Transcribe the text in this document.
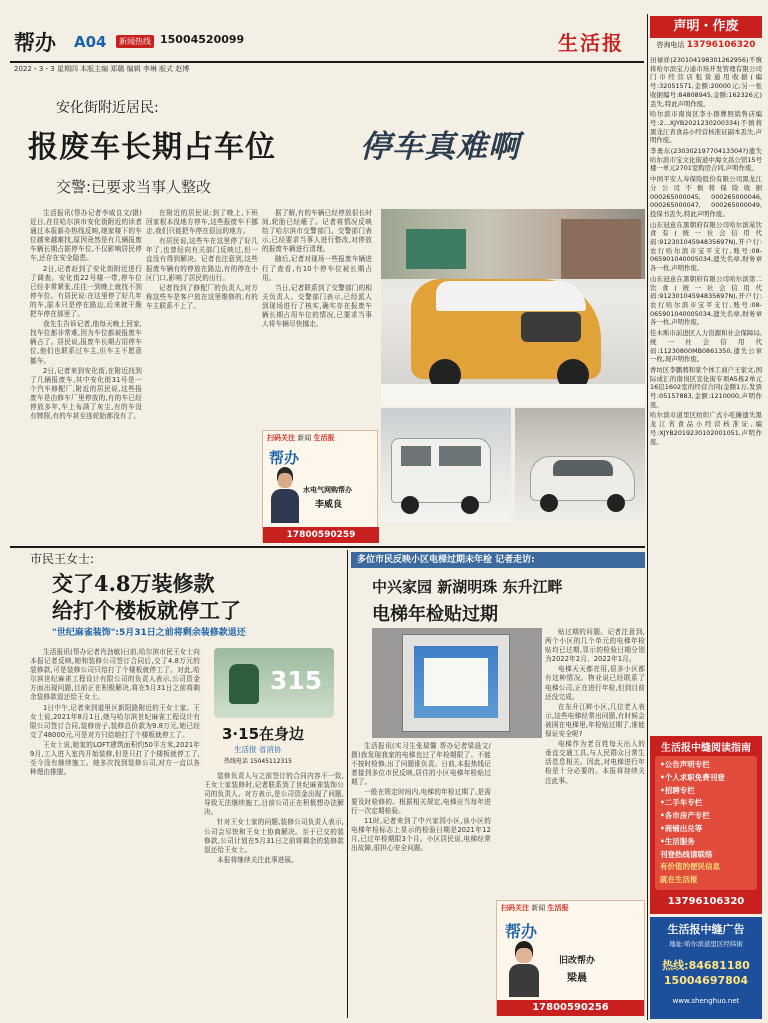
帮办 A04	新闻热线 15004520099	生活报
2022・3・3 星期四 本版主编 郑璐 编辑 李琳 版式 赵博
声明・作废
咨询电话 13796106320
田禄祥(230104198301262956)不慎将哈尔滨宝力通市场开发管理有限公司门市经营店租赁通用收据(编号:32051571,金额:20000元;另一张收据编号:84808945,金额:162326元)丢失,特此声明作废。
哈尔滨市南岗区李小群牌照销售店编号:2...XJYB2021230200334)不慎将黑龙江省食品小经营核准证副本丢失,声明作废。
李勇东(23030219770413304?)遗失哈尔滨市宝文化街道中海文昌公馆15号楼一单元2701室购房合同,声明作废。
中国平安人寿保险股份有限公司黑龙江分公司不慎将保险收据000265000045, 000265000046, 000265000047, 000265000049, 投保书丢失,特此声明作废。
山东冠意在黑朝府有限公司哈尔滨某饮食有(统一社会信用代码:91230104594835697N),开户行:农行哈尔滨市宝平支行,账号:08-065901040005034,遗失名章,财务章各一枚,声明作废。
山东冠意在黑朝府有限公司哈尔滨第二饮食(统一社会信用代码:91230104594835697N),开户行:农行哈尔滨市宝平支行,账号:08-065901040005034,遗失名章,财务章各一枚,声明作废。
佳木斯市前进区人力资源和社会保障局,统一社会信用代码:11230800MB0861350,遗失公章一枚,现声明作废。
香坊区李鹏骋和家个体工商户王家文,国际成汇的南岗区宣化街专项A5栋2单元16层1602室的经营合同(金额1万,发票号:05157883,金额:1210000,声明作废。
哈尔滨市道里区纺织广式小吃摊遗失黑龙江省食品小经营核准证,编号:XJYB2019230102001051,声明作废。
生活报中缝阅读指南
•公告声明专栏
•个人求职免费刊登
•招聘专栏
•二手车专栏
•各市房产专栏
•商铺出兑等
•生活服务
刊登热线请联络
有价值的便民信息
就在生活报
13796106320
生活报中缝广告
地址:哈尔滨道里区经纬街
热线:84681180
15004697804
www.shenghuo.net
安化街附近居民:
报废车长期占车位	停车真难啊
交警:已要求当事人整改

生活报讯(帮办记者李威良文/摄)近日,在住哈尔滨市安化街附近的读者通过本报新办热线反映,她家楼下的车位越来越难找,原因竟然是有几辆报废车辆长期占据停车位,不仅影响居民停车,还存在安全隐患。

2日,记者赶到了安化街附近进行了调查。安化街22号楼一带,停车位已经非常紧张,往往一到晚上就找不到停车位。有居民说:在这里停了好几年的车,原本只是停在路边,后来就干脆把车停在那里了。

我先生告诉记者,他每天晚上回家,找车位都非常难,因为车位都被报废车辆占了。居民说,报废车长期占用停车位,他们也联系过车主,但车主不愿意挪车。

2日,记者来到安化街,在附近找到了几辆报废车,其中安化街31号是一个汽车修配厂,附近的居民说,这些报废车是由修车厂里停放的,有的车已经停放多年,车上布满了灰尘,有的车没有牌照,有的车甚至连轮胎都没有了。

在附近的居民说:到了晚上,下班回家根本没地方停车,这些报废车不挪走,我们只能把车停在很远的地方。

有居民说,这些车在这里停了好几年了,也曾经向有关部门反映过,但一直没有得到解决。记者也注意到,这些报废车辆有的停放在路边,有的停在小区门口,影响了居民的出行。

记者找到了修配厂的负责人,对方称这些车是客户放在这里维修的,有的车主联系不上了。

据了解,有的车辆已经停放很长时间,轮胎已经瘪了。记者将情况反映给了哈尔滨市交警部门。交警部门表示,已经要求当事人进行整改,对停放的报废车辆进行清理。

随后,记者对现场一些报废车辆进行了查看,有10个停车位被长期占用。

当日,记者联系到了交警部门的相关负责人。交警部门表示,已经派人到现场进行了核实,确实存在报废车辆长期占用车位的情况,已要求当事人将车辆尽快挪走。

扫码关注 新闻 生活报
帮办
水电气网购帮办
李威良
17800590259
市民王女士:
交了4.8万装修款
给打个楼板就停工了
"世纪麻雀装饰":5月31日之前将剩余装修款退还

生活报讯(帮办记者肖劲敏)日前,哈尔滨市民王女士向本报记者反映,她和装修公司签订合同后,交了4.8万元的装修款,可是装修公司只给打了个楼板就停工了。对此,哈尔滨世纪麻雀工程设计有限公司的负责人表示,公司资金方面出现问题,目前正在积极解决,将在5月31日之前将剩余装修款退还给王女士。

1日中午,记者来到道里区新阳路附近的王女士家。王女士说,2021年8月1日,她与哈尔滨世纪麻雀工程设计有限公司签订合同,装修房子,装修总价款为9.8万元,她已经交了48000元,可是对方只给她打了个楼板就停工了。

王女士说,她家的LOFT建筑面积约50平方米,2021年9月,工人进入室内开始装修,但是只打了个楼板就停工了,至今没有继续施工。她多次找到装修公司,对方一直以各种理由推脱。

315
3·15在身边
生活报 省消协
热线电话 15045112315

装修负责人与之前签订的合同内容不一致,王女士家装修时,记者联系到了世纪麻雀装饰公司的负责人。对方表示,是公司资金出现了问题,导致无法继续施工,目前公司正在积极想办法解决。

针对王女士家的问题,装修公司负责人表示,公司会尽快和王女士协商解决。至于已交的装修款,公司计划在5月31日之前将剩余的装修款退还给王女士。

本报将继续关注此事进展。

多位市民反映小区电梯过期未年检 记者走访:
中兴家园 新湖明珠 东升江畔
电梯年检贴过期

生活报讯(实习生张瑞馨 帮办记者梁晨文/摄)我发现我家的电梯也过了年检期限了。不能不按时检修,出了问题谁负责。日前,本报热线记者接到多位市民反映,居住的小区电梯年检贴过期了。

一般在规定时间内,电梯的年检过期了,是需要及时检修的。根据相关规定,电梯应当每年进行一次定期检验。

11时,记者来到了中兴家园小区,该小区的电梯年检标志上显示的检验日期是2021年12月,已过年检期限3个月。小区居民说,电梯经常出故障,很担心安全问题。

贴过期的问题。记者注意到,两个小区的几个单元的电梯年检贴均已过期,显示的检验日期分别为2022年2月、2022年1月。

电梯天天都在用,很多小区都有这种情况。物业说已经联系了电梯公司,正在进行年检,但到目前还没完成。

在东升江畔小区,几位老人表示,这些电梯经常出问题,有时候会被困在电梯里,年检贴过期了,谁能保证安全呢?

电梯作为老百姓每天出入的垂直交通工具,与人民群众日常生活息息相关。因此,对电梯进行年检是十分必要的。本报将持续关注此事。

扫码关注 新闻 生活报
帮办
旧改帮办
梁晨
17800590256
